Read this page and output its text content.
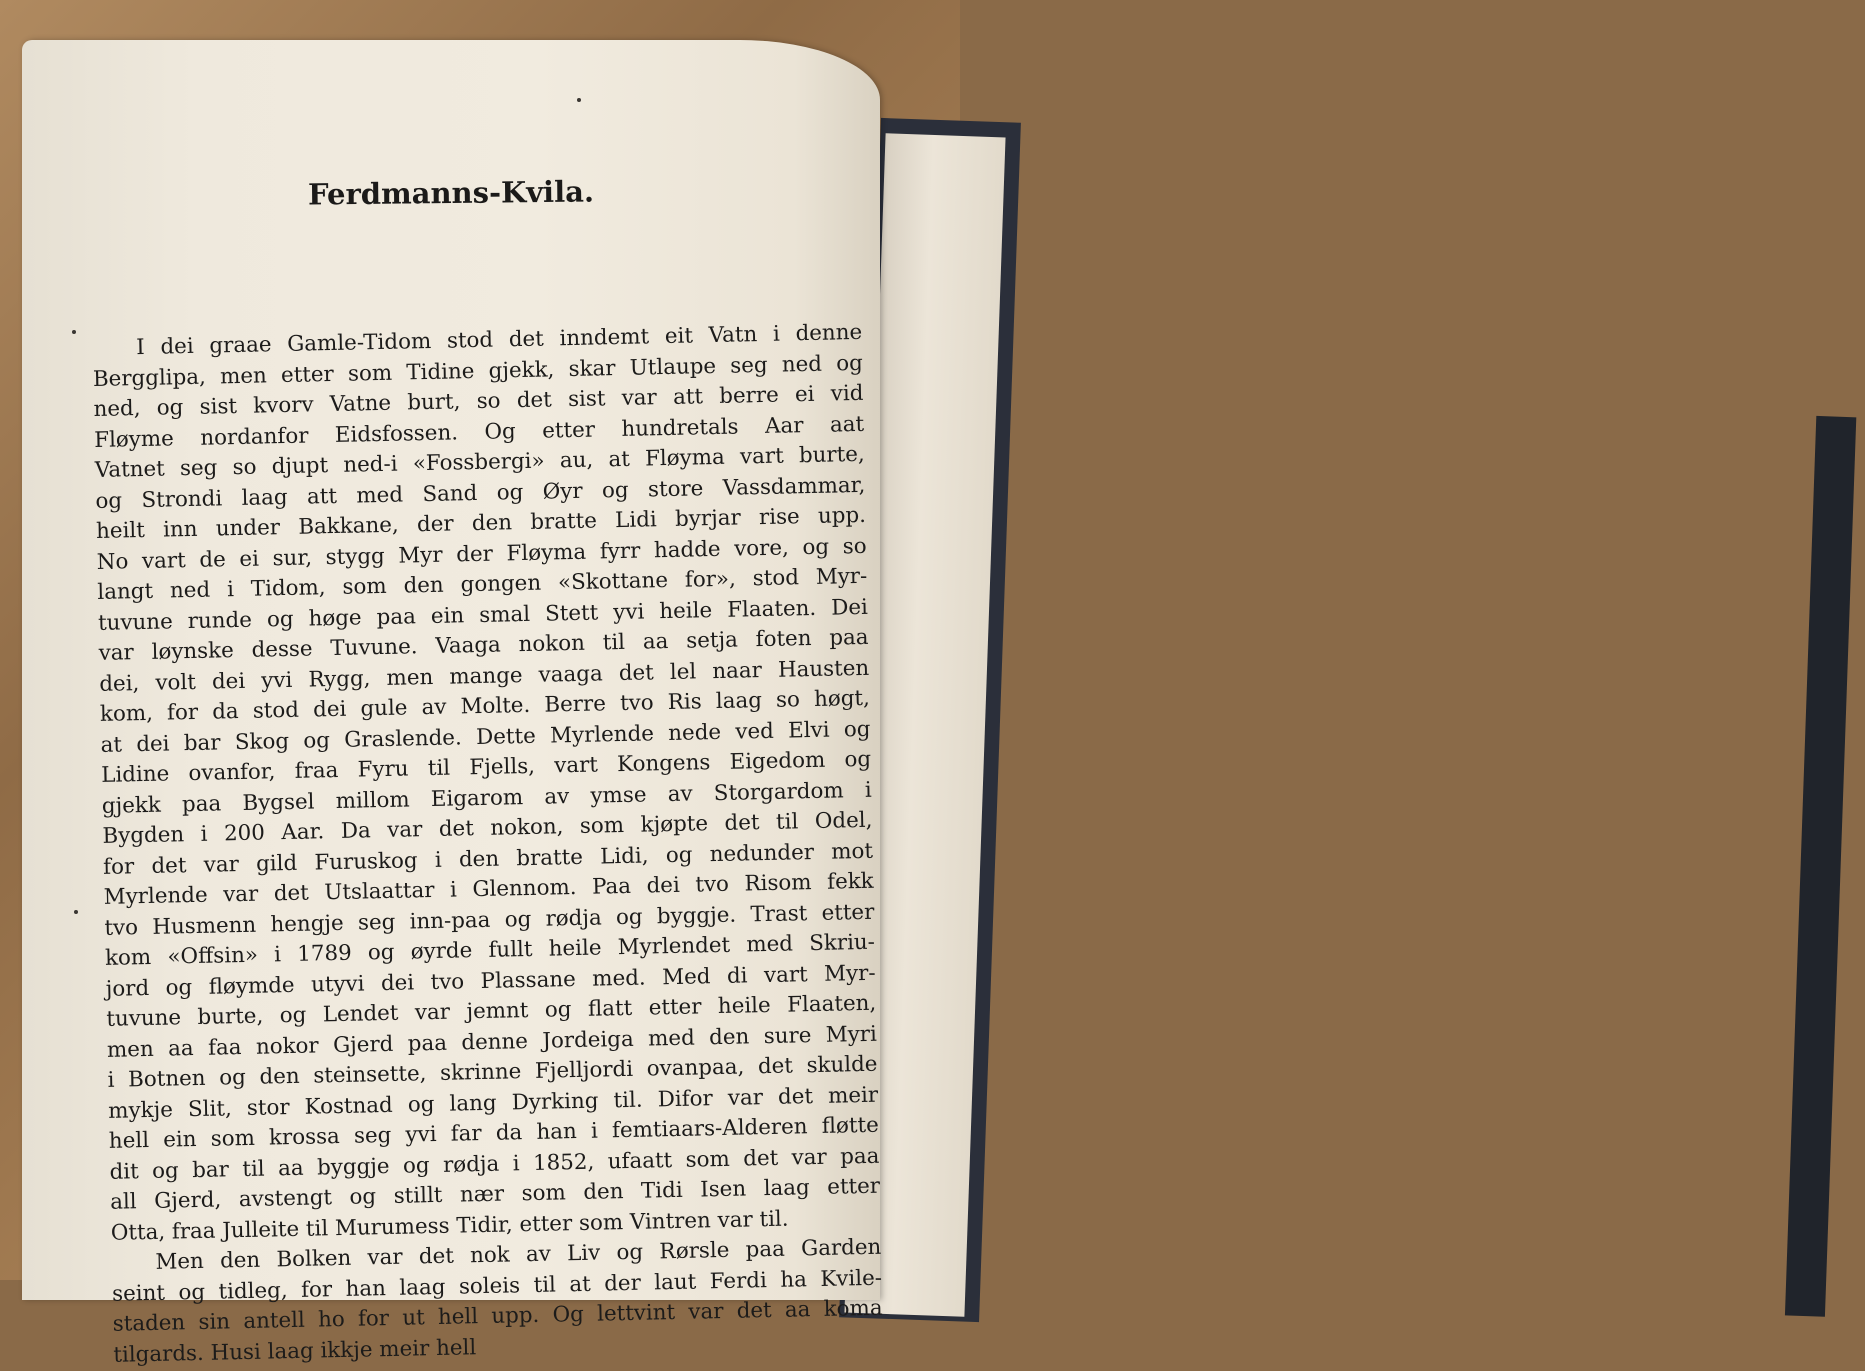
Ferdmanns-Kvila.
I dei graae Gamle-Tidom stod det inndemt eit Vatn i denne
Bergglipa, men etter som Tidine gjekk, skar Utlaupe seg ned og
ned, og sist kvorv Vatne burt, so det sist var att berre ei vid
Fløyme nordanfor Eidsfossen. Og etter hundretals Aar aat
Vatnet seg so djupt ned-i «Fossbergi» au, at Fløyma vart burte,
og Strondi laag att med Sand og Øyr og store Vassdammar,
heilt inn under Bakkane, der den bratte Lidi byrjar rise upp.
No vart de ei sur, stygg Myr der Fløyma fyrr hadde vore, og so
langt ned i Tidom, som den gongen «Skottane for», stod Myr-
tuvune runde og høge paa ein smal Stett yvi heile Flaaten. Dei
var løynske desse Tuvune. Vaaga nokon til aa setja foten paa
dei, volt dei yvi Rygg, men mange vaaga det lel naar Hausten
kom, for da stod dei gule av Molte. Berre tvo Ris laag so høgt,
at dei bar Skog og Graslende. Dette Myrlende nede ved Elvi og
Lidine ovanfor, fraa Fyru til Fjells, vart Kongens Eigedom og
gjekk paa Bygsel millom Eigarom av ymse av Storgardom i
Bygden i 200 Aar. Da var det nokon, som kjøpte det til Odel,
for det var gild Furuskog i den bratte Lidi, og nedunder mot
Myrlende var det Utslaattar i Glennom. Paa dei tvo Risom fekk
tvo Husmenn hengje seg inn-paa og rødja og byggje. Trast etter
kom «Offsin» i 1789 og øyrde fullt heile Myrlendet med Skriu-
jord og fløymde utyvi dei tvo Plassane med. Med di vart Myr-
tuvune burte, og Lendet var jemnt og flatt etter heile Flaaten,
men aa faa nokor Gjerd paa denne Jordeiga med den sure Myri
i Botnen og den steinsette, skrinne Fjelljordi ovanpaa, det skulde
mykje Slit, stor Kostnad og lang Dyrking til. Difor var det meir
hell ein som krossa seg yvi far da han i femtiaars-Alderen fløtte
dit og bar til aa byggje og rødja i 1852, ufaatt som det var paa
all Gjerd, avstengt og stillt nær som den Tidi Isen laag etter
Otta, fraa Julleite til Murumess Tidir, etter som Vintren var til.
Men den Bolken var det nok av Liv og Rørsle paa Garden
seint og tidleg, for han laag soleis til at der laut Ferdi ha Kvile-
staden sin antell ho for ut hell upp. Og lettvint var det aa koma
tilgards. Husi laag ikkje meir hell
